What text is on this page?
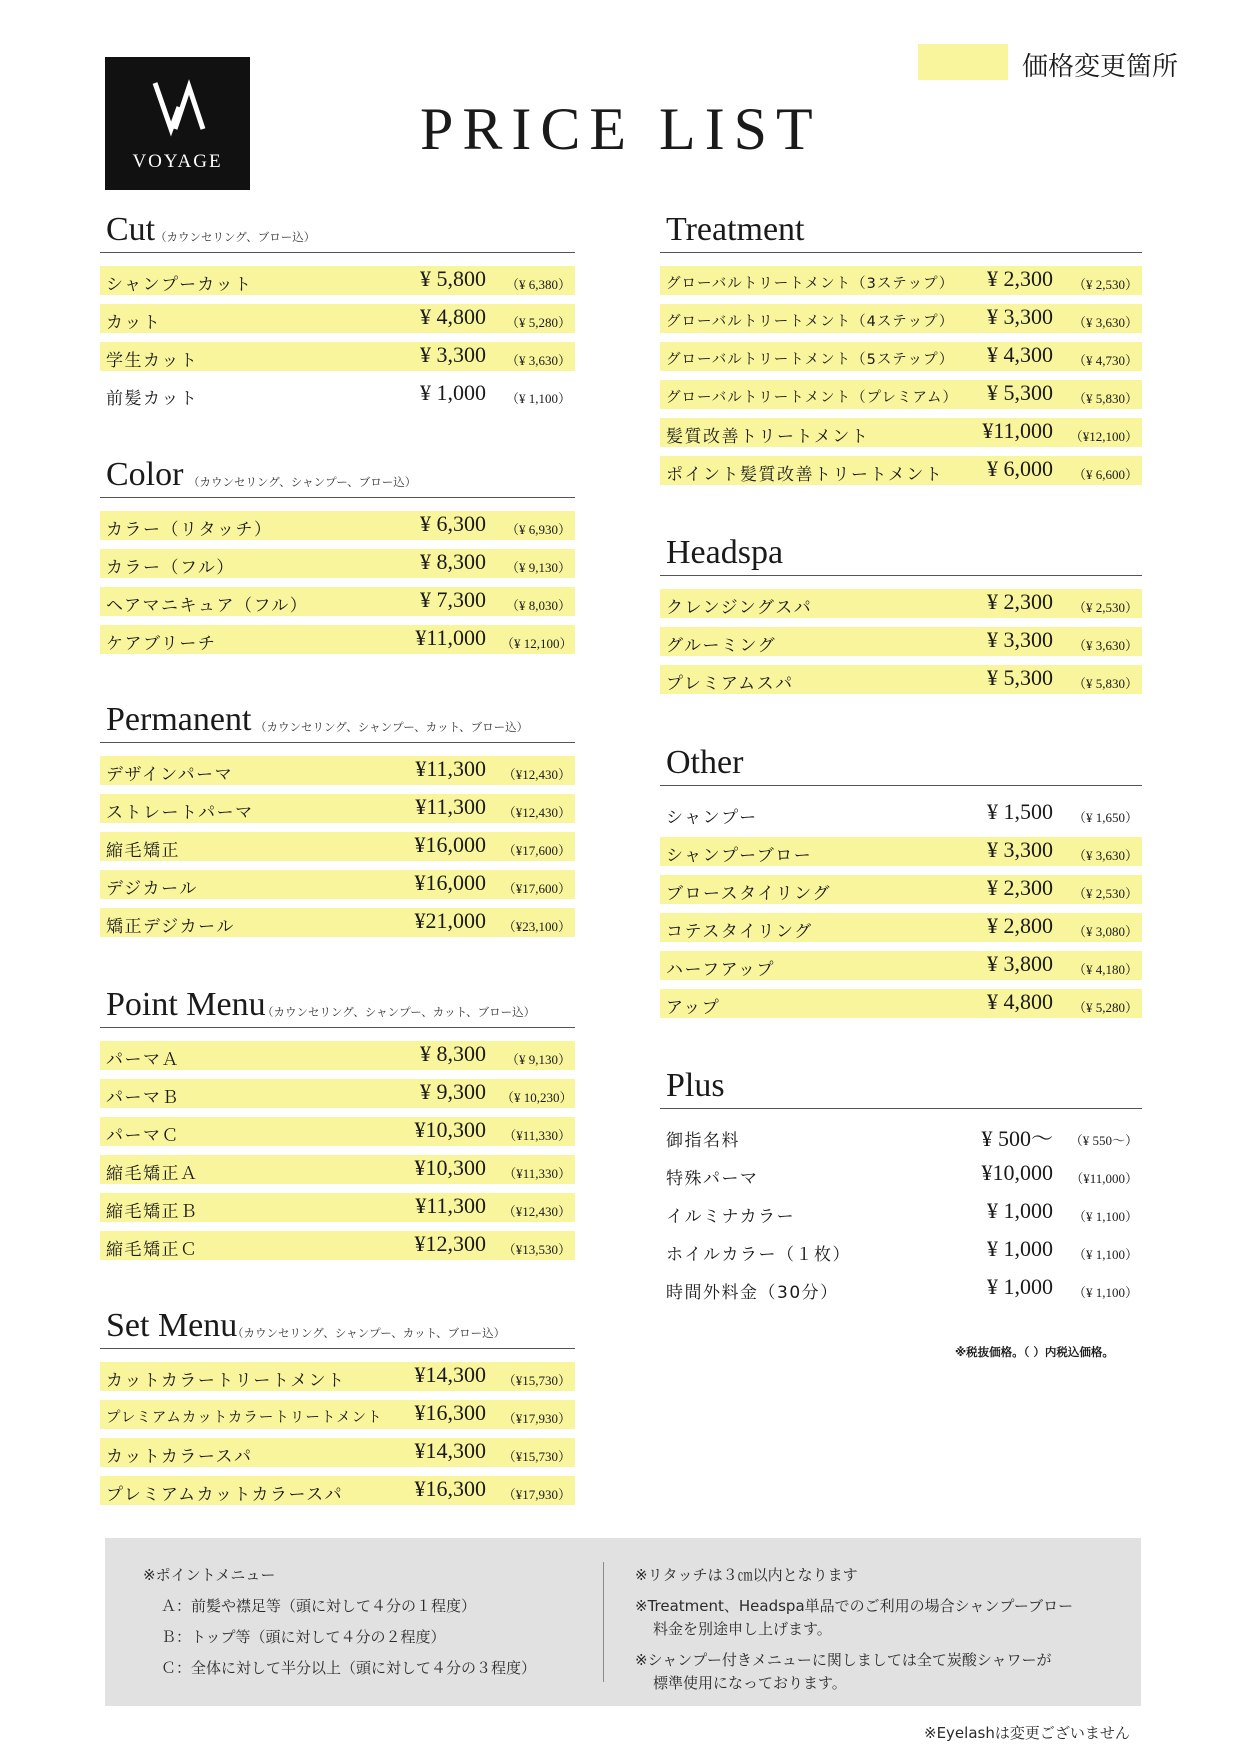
VOYAGE
価格変更箇所
PRICE LIST
Cut （カウンセリング、ブロー込）
シャンプーカット	¥ 5,800	（¥ 6,380）
カット	¥ 4,800	（¥ 5,280）
学生カット	¥ 3,300	（¥ 3,630）
前髪カット	¥ 1,000	（¥ 1,100）
Color （カウンセリング、シャンプー、ブロー込）
カラー（リタッチ）	¥ 6,300	（¥ 6,930）
カラー（フル）	¥ 8,300	（¥ 9,130）
ヘアマニキュア（フル）	¥ 7,300	（¥ 8,030）
ケアブリーチ	¥11,000 （¥ 12,100）
Permanent （カウンセリング、シャンプー、カット、ブロー込）
デザインパーマ	¥11,300 （¥12,430）
ストレートパーマ	¥11,300 （¥12,430）
縮毛矯正	¥16,000 （¥17,600）
デジカール	¥16,000 （¥17,600）
矯正デジカール	¥21,000 （¥23,100）
Point Menu
（カウンセリング、シャンプー、カット、ブロー込）
パーマＡ	¥ 8,300	（¥ 9,130）
パーマＢ	¥ 9,300 （¥ 10,230）
パーマＣ	¥10,300 （¥11,330）
縮毛矯正Ａ	¥10,300 （¥11,330）
縮毛矯正Ｂ	¥11,300 （¥12,430）
縮毛矯正Ｃ	¥12,300 （¥13,530）
Set Menu
（カウンセリング、シャンプー、カット、ブロー込）
カットカラートリートメント	¥14,300 （¥15,730）
プレミアムカットカラートリートメント	¥16,300 （¥17,930）
カットカラースパ	¥14,300 （¥15,730）
プレミアムカットカラースパ	¥16,300 （¥17,930）
Treatment
グローバルトリートメント（3ステップ）	¥ 2,300	（¥ 2,530）
グローバルトリートメント（4ステップ）	¥ 3,300	（¥ 3,630）
グローバルトリートメント（5ステップ）	¥ 4,300	（¥ 4,730）
グローバルトリートメント（プレミアム）	¥ 5,300	（¥ 5,830）
髪質改善トリートメント	¥11,000 （¥12,100）
ポイント髪質改善トリートメント	¥ 6,000	（¥ 6,600）
Headspa
クレンジングスパ	¥ 2,300	（¥ 2,530）
グルーミング	¥ 3,300	（¥ 3,630）
プレミアムスパ	¥ 5,300	（¥ 5,830）
Other
シャンプー	¥ 1,500	（¥ 1,650）
シャンプーブロー	¥ 3,300	（¥ 3,630）
ブロースタイリング	¥ 2,300	（¥ 2,530）
コテスタイリング	¥ 2,800	（¥ 3,080）
ハーフアップ	¥ 3,800	（¥ 4,180）
アップ	¥ 4,800	（¥ 5,280）
Plus
御指名料	¥ 500～ （¥ 550～）
特殊パーマ	¥10,000 （¥11,000）
イルミナカラー	¥ 1,000	（¥ 1,100）
ホイルカラー（１枚）	¥ 1,000	（¥ 1,100）
時間外料金（30分）	¥ 1,000	（¥ 1,100）
※税抜価格。（ ）内税込価格。
※ポイントメニュー
Ａ：前髪や襟足等（頭に対して４分の１程度）
Ｂ：トップ等（頭に対して４分の２程度）
Ｃ：全体に対して半分以上（頭に対して４分の３程度）
※リタッチは３㎝以内となります
※Treatment、Headspa単品でのご利用の場合シャンプーブロー
料金を別途申し上げます。
※シャンプー付きメニューに関しましては全て炭酸シャワーが
標準使用になっております。
※Eyelashは変更ございません
